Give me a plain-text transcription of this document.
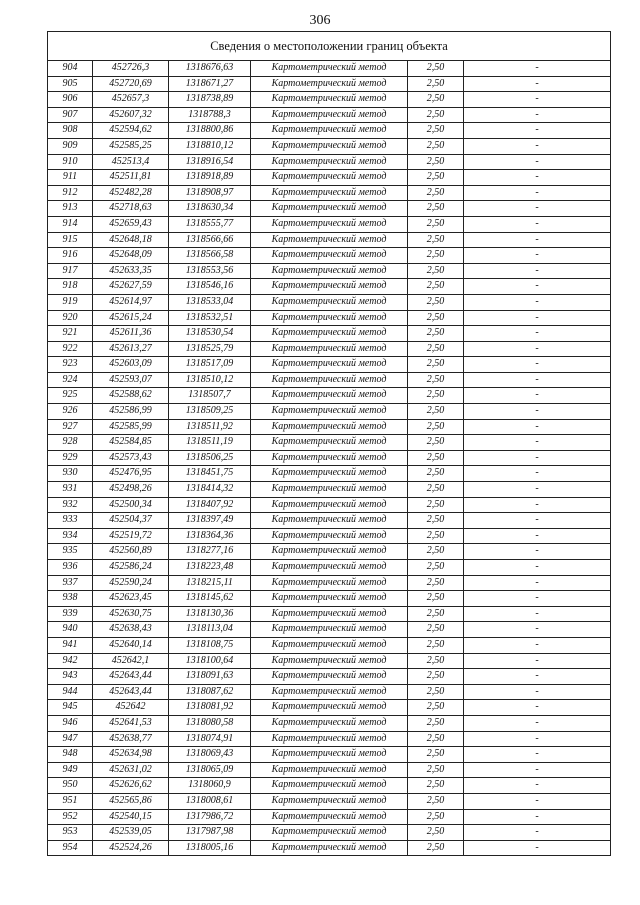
306
Сведения о местоположении границ объекта					
904	452726,3	1318676,63	Картометрический метод	2,50	-
905	452720,69	1318671,27	Картометрический метод	2,50	-
906	452657,3	1318738,89	Картометрический метод	2,50	-
907	452607,32	1318788,3	Картометрический метод	2,50	-
908	452594,62	1318800,86	Картометрический метод	2,50	-
909	452585,25	1318810,12	Картометрический метод	2,50	-
910	452513,4	1318916,54	Картометрический метод	2,50	-
911	452511,81	1318918,89	Картометрический метод	2,50	-
912	452482,28	1318908,97	Картометрический метод	2,50	-
913	452718,63	1318630,34	Картометрический метод	2,50	-
914	452659,43	1318555,77	Картометрический метод	2,50	-
915	452648,18	1318566,66	Картометрический метод	2,50	-
916	452648,09	1318566,58	Картометрический метод	2,50	-
917	452633,35	1318553,56	Картометрический метод	2,50	-
918	452627,59	1318546,16	Картометрический метод	2,50	-
919	452614,97	1318533,04	Картометрический метод	2,50	-
920	452615,24	1318532,51	Картометрический метод	2,50	-
921	452611,36	1318530,54	Картометрический метод	2,50	-
922	452613,27	1318525,79	Картометрический метод	2,50	-
923	452603,09	1318517,09	Картометрический метод	2,50	-
924	452593,07	1318510,12	Картометрический метод	2,50	-
925	452588,62	1318507,7	Картометрический метод	2,50	-
926	452586,99	1318509,25	Картометрический метод	2,50	-
927	452585,99	1318511,92	Картометрический метод	2,50	-
928	452584,85	1318511,19	Картометрический метод	2,50	-
929	452573,43	1318506,25	Картометрический метод	2,50	-
930	452476,95	1318451,75	Картометрический метод	2,50	-
931	452498,26	1318414,32	Картометрический метод	2,50	-
932	452500,34	1318407,92	Картометрический метод	2,50	-
933	452504,37	1318397,49	Картометрический метод	2,50	-
934	452519,72	1318364,36	Картометрический метод	2,50	-
935	452560,89	1318277,16	Картометрический метод	2,50	-
936	452586,24	1318223,48	Картометрический метод	2,50	-
937	452590,24	1318215,11	Картометрический метод	2,50	-
938	452623,45	1318145,62	Картометрический метод	2,50	-
939	452630,75	1318130,36	Картометрический метод	2,50	-
940	452638,43	1318113,04	Картометрический метод	2,50	-
941	452640,14	1318108,75	Картометрический метод	2,50	-
942	452642,1	1318100,64	Картометрический метод	2,50	-
943	452643,44	1318091,63	Картометрический метод	2,50	-
944	452643,44	1318087,62	Картометрический метод	2,50	-
945	452642	1318081,92	Картометрический метод	2,50	-
946	452641,53	1318080,58	Картометрический метод	2,50	-
947	452638,77	1318074,91	Картометрический метод	2,50	-
948	452634,98	1318069,43	Картометрический метод	2,50	-
949	452631,02	1318065,09	Картометрический метод	2,50	-
950	452626,62	1318060,9	Картометрический метод	2,50	-
951	452565,86	1318008,61	Картометрический метод	2,50	-
952	452540,15	1317986,72	Картометрический метод	2,50	-
953	452539,05	1317987,98	Картометрический метод	2,50	-
954	452524,26	1318005,16	Картометрический метод	2,50	-
